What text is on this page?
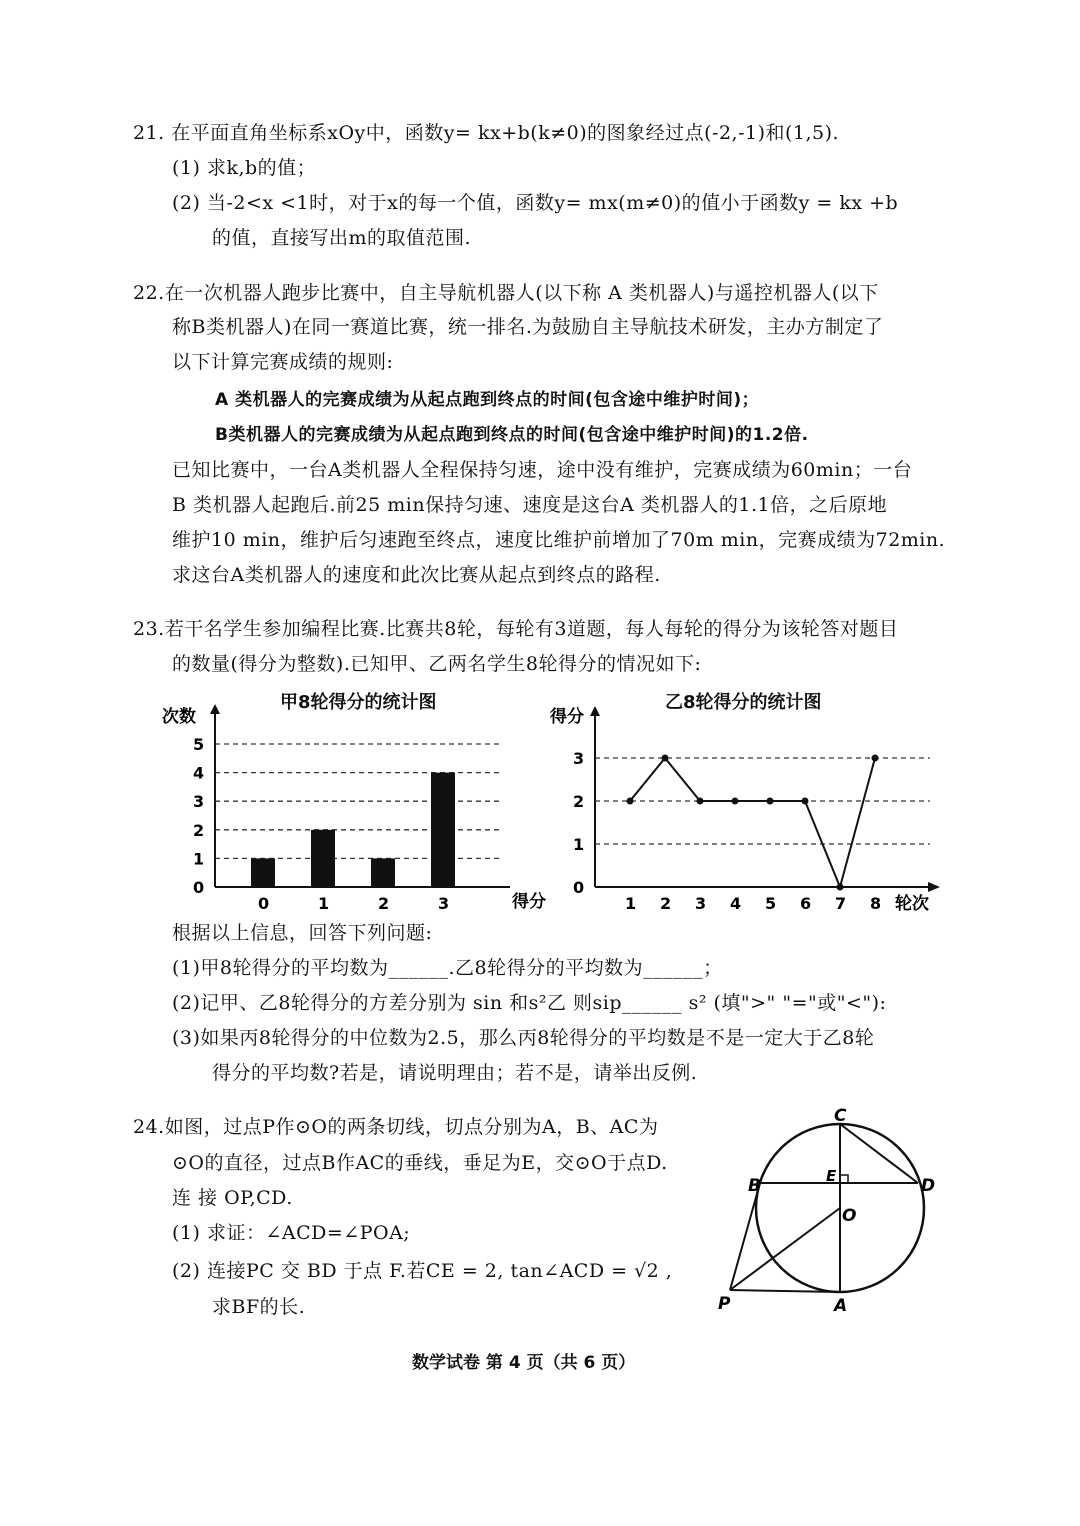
21. 在平面直角坐标系xOy中，函数y= kx+b(k≠0)的图象经过点(-2,-1)和(1,5).
(1) 求k,b的值；
(2) 当-2<x <1时，对于x的每一个值，函数y= mx(m≠0)的值小于函数y = kx +b
的值，直接写出m的取值范围.
22.在一次机器人跑步比赛中，自主导航机器人(以下称 A 类机器人)与遥控机器人(以下
称B类机器人)在同一赛道比赛，统一排名.为鼓励自主导航技术研发，主办方制定了
以下计算完赛成绩的规则:
A 类机器人的完赛成绩为从起点跑到终点的时间(包含途中维护时间)；
B类机器人的完赛成绩为从起点跑到终点的时间(包含途中维护时间)的1.2倍.
已知比赛中，一台A类机器人全程保持匀速，途中没有维护，完赛成绩为60min；一台
B 类机器人起跑后.前25 min保持匀速、速度是这台A 类机器人的1.1倍，之后原地
维护10 min，维护后匀速跑至终点，速度比维护前增加了70m min，完赛成绩为72min.
求这台A类机器人的速度和此次比赛从起点到终点的路程.
23.若干名学生参加编程比赛.比赛共8轮，每轮有3道题，每人每轮的得分为该轮答对题目
的数量(得分为整数).已知甲、乙两名学生8轮得分的情况如下:
甲8轮得分的统计图	乙8轮得分的统计图
次数
得分
0
1
2
3
4
5
0	1	2	3
得分
轮次
0
1
2
3
1 2 3 4 5 6 7 8
根据以上信息，回答下列问题:
(1)甲8轮得分的平均数为______.乙8轮得分的平均数为______；
(2)记甲、乙8轮得分的方差分别为 sin 和s²乙 则sip______ s² (填">" "="或"<"):
(3)如果丙8轮得分的中位数为2.5，那么丙8轮得分的平均数是不是一定大于乙8轮
得分的平均数?若是，请说明理由；若不是，请举出反例.
24.如图，过点P作⊙O的两条切线，切点分别为A，B、AC为
⊙O的直径，过点B作AC的垂线，垂足为E，交⊙O于点D.
连 接 OP,CD.
(1) 求证：∠ACD=∠POA;
(2) 连接PC 交 BD 于点 F.若CE = 2, tan∠ACD = √2 ,
求BF的长.
C
B	E	D
O
P	A
数学试卷 第 4 页（共 6 页）
